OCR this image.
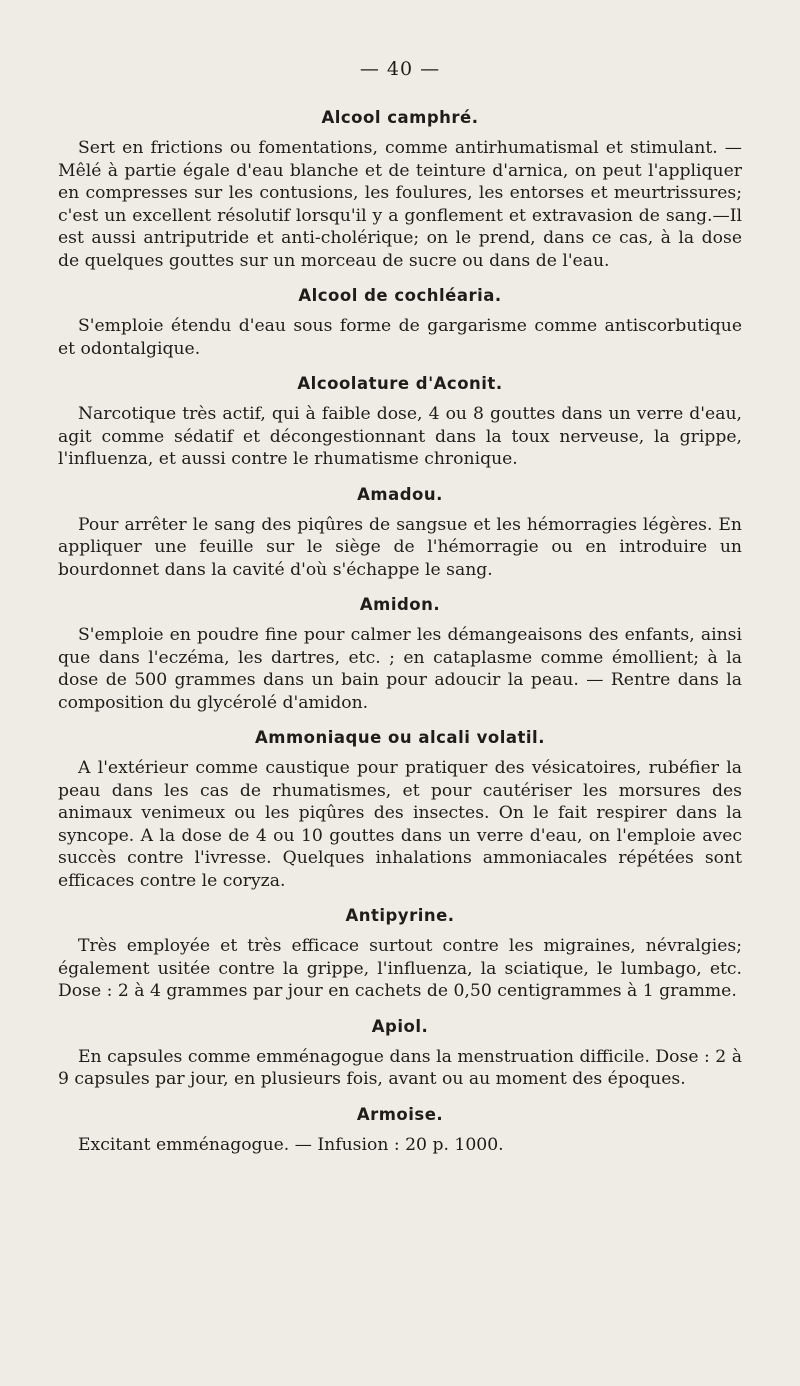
— 40 —
Alcool camphré.

Sert en frictions ou fomentations, comme antirhumatismal et stimulant. — Mêlé à partie égale d'eau blanche et de teinture d'arnica, on peut l'appliquer en compresses sur les contusions, les foulures, les entorses et meurtrissures; c'est un excellent résolutif lorsqu'il y a gonflement et extravasion de sang.—Il est aussi antriputride et anti-cholérique; on le prend, dans ce cas, à la dose de quelques gouttes sur un morceau de sucre ou dans de l'eau.

Alcool de cochléaria.

S'emploie étendu d'eau sous forme de gargarisme comme antiscorbutique et odontalgique.

Alcoolature d'Aconit.

Narcotique très actif, qui à faible dose, 4 ou 8 gouttes dans un verre d'eau, agit comme sédatif et décongestionnant dans la toux nerveuse, la grippe, l'influenza, et aussi contre le rhumatisme chronique.

Amadou.

Pour arrêter le sang des piqûres de sangsue et les hémorragies légères. En appliquer une feuille sur le siège de l'hémorragie ou en introduire un bourdonnet dans la cavité d'où s'échappe le sang.

Amidon.

S'emploie en poudre fine pour calmer les démangeaisons des enfants, ainsi que dans l'eczéma, les dartres, etc. ; en cataplasme comme émollient; à la dose de 500 grammes dans un bain pour adoucir la peau. — Rentre dans la composition du glycérolé d'amidon.

Ammoniaque ou alcali volatil.

A l'extérieur comme caustique pour pratiquer des vésicatoires, rubéfier la peau dans les cas de rhumatismes, et pour cautériser les morsures des animaux venimeux ou les piqûres des insectes. On le fait respirer dans la syncope. A la dose de 4 ou 10 gouttes dans un verre d'eau, on l'emploie avec succès contre l'ivresse. Quelques inhalations ammoniacales répétées sont efficaces contre le coryza.

Antipyrine.

Très employée et très efficace surtout contre les migraines, névralgies; également usitée contre la grippe, l'influenza, la sciatique, le lumbago, etc. Dose : 2 à 4 grammes par jour en cachets de 0,50 centigrammes à 1 gramme.

Apiol.

En capsules comme emménagogue dans la menstruation difficile. Dose : 2 à 9 capsules par jour, en plusieurs fois, avant ou au moment des époques.

Armoise.

Excitant emménagogue. — Infusion : 20 p. 1000.
